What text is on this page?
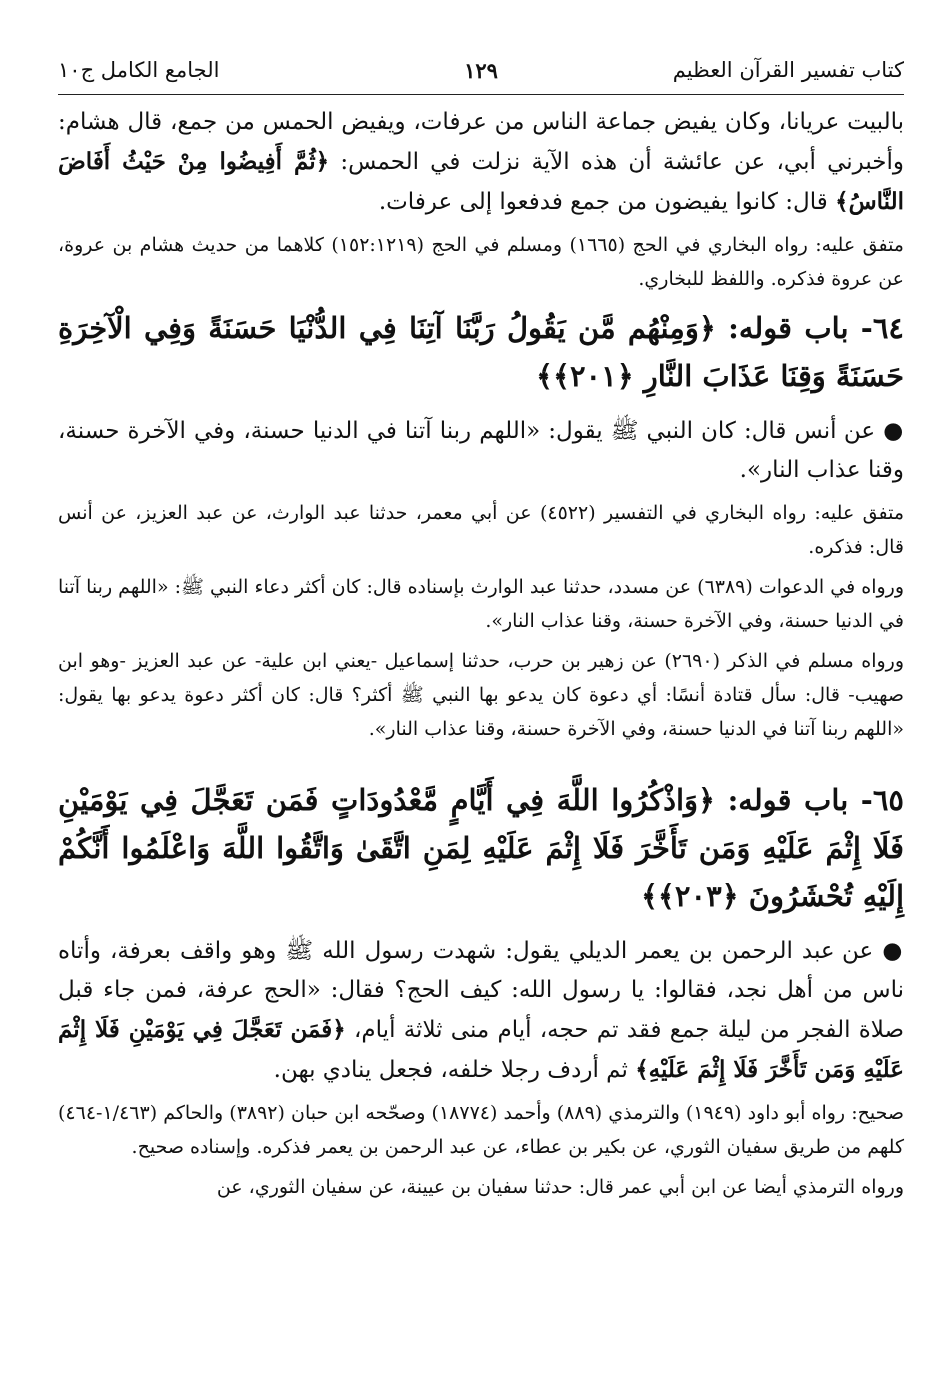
كتاب تفسير القرآن العظيم
١٢٩
الجامع الكامل ج١٠

بالبيت عريانا، وكان يفيض جماعة الناس من عرفات، ويفيض الحمس من جمع، قال هشام: وأخبرني أبي، عن عائشة أن هذه الآية نزلت في الحمس: ﴿ثُمَّ أَفِيضُوا مِنْ حَيْثُ أَفَاضَ النَّاسُ﴾ قال: كانوا يفيضون من جمع فدفعوا إلى عرفات.

متفق عليه: رواه البخاري في الحج (١٦٦٥) ومسلم في الحج (١٥٢:١٢١٩) كلاهما من حديث هشام بن عروة، عن عروة فذكره. واللفظ للبخاري.

٦٤- باب قوله: ﴿وَمِنْهُم مَّن يَقُولُ رَبَّنَا آتِنَا فِي الدُّنْيَا حَسَنَةً وَفِي الْآخِرَةِ حَسَنَةً وَقِنَا عَذَابَ النَّارِ ﴿٢٠١﴾﴾

● عن أنس قال: كان النبي ﷺ يقول: «اللهم ربنا آتنا في الدنيا حسنة، وفي الآخرة حسنة، وقنا عذاب النار».

متفق عليه: رواه البخاري في التفسير (٤٥٢٢) عن أبي معمر، حدثنا عبد الوارث، عن عبد العزيز، عن أنس قال: فذكره.

ورواه في الدعوات (٦٣٨٩) عن مسدد، حدثنا عبد الوارث بإسناده قال: كان أكثر دعاء النبي ﷺ: «اللهم ربنا آتنا في الدنيا حسنة، وفي الآخرة حسنة، وقنا عذاب النار».

ورواه مسلم في الذكر (٢٦٩٠) عن زهير بن حرب، حدثنا إسماعيل -يعني ابن علية- عن عبد العزيز -وهو ابن صهيب- قال: سأل قتادة أنسًا: أي دعوة كان يدعو بها النبي ﷺ أكثر؟ قال: كان أكثر دعوة يدعو بها يقول: «اللهم ربنا آتنا في الدنيا حسنة، وفي الآخرة حسنة، وقنا عذاب النار».

٦٥- باب قوله: ﴿وَاذْكُرُوا اللَّهَ فِي أَيَّامٍ مَّعْدُودَاتٍ فَمَن تَعَجَّلَ فِي يَوْمَيْنِ فَلَا إِثْمَ عَلَيْهِ وَمَن تَأَخَّرَ فَلَا إِثْمَ عَلَيْهِ لِمَنِ اتَّقَىٰ وَاتَّقُوا اللَّهَ وَاعْلَمُوا أَنَّكُمْ إِلَيْهِ تُحْشَرُونَ ﴿٢٠٣﴾﴾

● عن عبد الرحمن بن يعمر الديلي يقول: شهدت رسول الله ﷺ وهو واقف بعرفة، وأتاه ناس من أهل نجد، فقالوا: يا رسول الله: كيف الحج؟ فقال: «الحج عرفة، فمن جاء قبل صلاة الفجر من ليلة جمع فقد تم حجه، أيام منى ثلاثة أيام، ﴿فَمَن تَعَجَّلَ فِي يَوْمَيْنِ فَلَا إِثْمَ عَلَيْهِ وَمَن تَأَخَّرَ فَلَا إِثْمَ عَلَيْهِ﴾ ثم أردف رجلا خلفه، فجعل ينادي بهن.

صحيح: رواه أبو داود (١٩٤٩) والترمذي (٨٨٩) وأحمد (١٨٧٧٤) وصحّحه ابن حبان (٣٨٩٢) والحاكم (١/٤٦٣-٤٦٤) كلهم من طريق سفيان الثوري، عن بكير بن عطاء، عن عبد الرحمن بن يعمر فذكره. وإسناده صحيح.

ورواه الترمذي أيضا عن ابن أبي عمر قال: حدثنا سفيان بن عيينة، عن سفيان الثوري، عن
